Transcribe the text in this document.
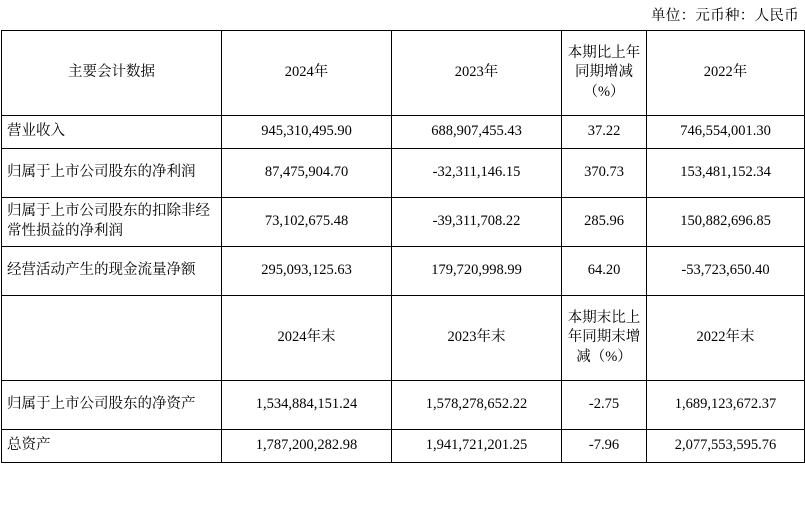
单位：元币种：人民币
主要会计数据	2024年	2023年	本期比上年同期增减（%）	2022年
营业收入	945,310,495.90	688,907,455.43	37.22	746,554,001.30
归属于上市公司股东的净利润	87,475,904.70	-32,311,146.15	370.73	153,481,152.34
归属于上市公司股东的扣除非经常性损益的净利润	73,102,675.48	-39,311,708.22	285.96	150,882,696.85
经营活动产生的现金流量净额	295,093,125.63	179,720,998.99	64.20	-53,723,650.40
	2024年末	2023年末	本期末比上年同期末增减（%）	2022年末
归属于上市公司股东的净资产	1,534,884,151.24	1,578,278,652.22	-2.75	1,689,123,672.37
总资产	1,787,200,282.98	1,941,721,201.25	-7.96	2,077,553,595.76
